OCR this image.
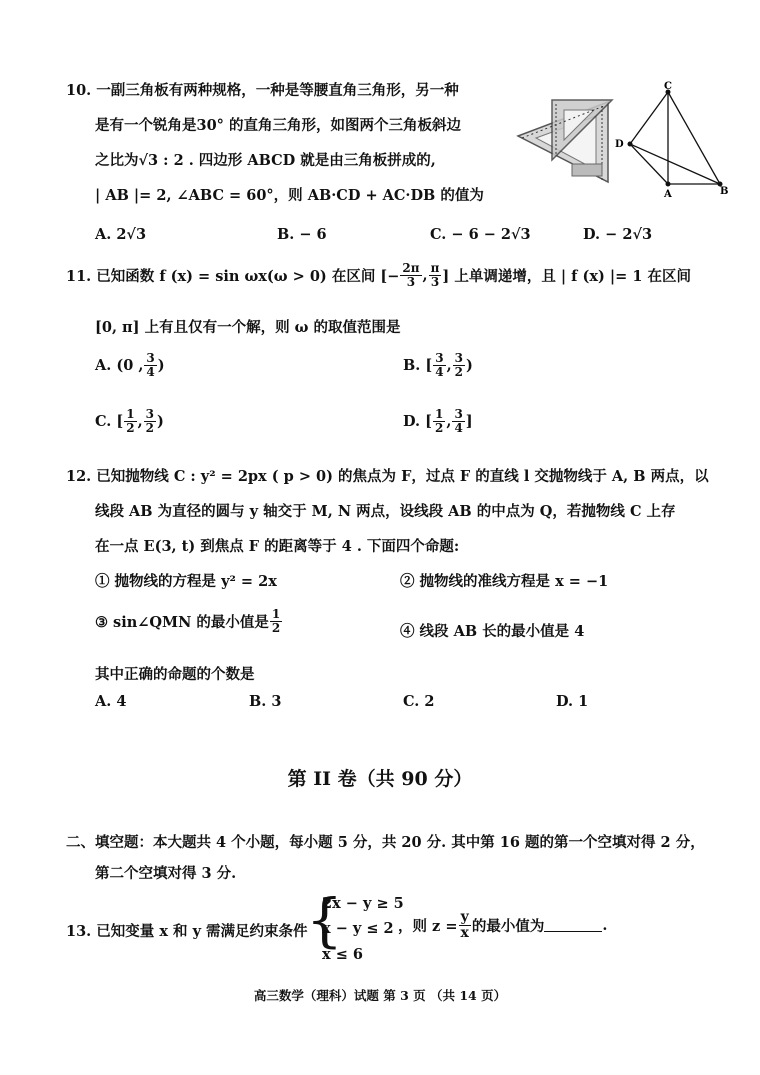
10. 一副三角板有两种规格，一种是等腰直角三角形，另一种
是有一个锐角是30° 的直角三角形，如图两个三角板斜边
之比为√3 : 2 . 四边形 ABCD 就是由三角板拼成的,
| AB |= 2, ∠ABC = 60°，则 AB·CD + AC·DB 的值为
A. 2√3	B. − 6	C. − 6 − 2√3	D. − 2√3
C
D
A	B
11. 已知函数 f (x) = sin ωx(ω > 0) 在区间 [− $\frac{2\pi}{3}$ , $\frac{\pi}{3}$ ] 上单调递增，且 | f (x) |= 1 在区间
[0, π] 上有且仅有一个解，则 ω 的取值范围是
A. (0 , $\frac{3}{4}$ )	B. [ $\frac{3}{4}$ , $\frac{3}{2}$ )
C. [ $\frac{1}{2}$ , $\frac{3}{2}$ )	D. [ $\frac{1}{2}$ , $\frac{3}{4}$ ]
12. 已知抛物线 C : y² = 2px ( p > 0) 的焦点为 F，过点 F 的直线 l 交抛物线于 A, B 两点，以
线段 AB 为直径的圆与 y 轴交于 M, N 两点，设线段 AB 的中点为 Q，若抛物线 C 上存
在一点 E(3, t) 到焦点 F 的距离等于 4 . 下面四个命题:
① 抛物线的方程是 y² = 2x	② 抛物线的准线方程是 x = −1
③ sin∠QMN 的最小值是 $\frac{1}{2}$	④ 线段 AB 长的最小值是 4
其中正确的命题的个数是
A. 4	B. 3	C. 2	D. 1
第 II 卷（共 90 分）
二、填空题：本大题共 4 个小题，每小题 5 分，共 20 分. 其中第 16 题的第一个空填对得 2 分，
第二个空填对得 3 分.
13. 已知变量 x 和 y 需满足约束条件
{
2x − y ≥ 5
x − y ≤ 2
x ≤ 6
，则 $z = \frac{y}{x}$ 的最小值为	.
高三数学（理科）试题 第 3 页 （共 14 页）
